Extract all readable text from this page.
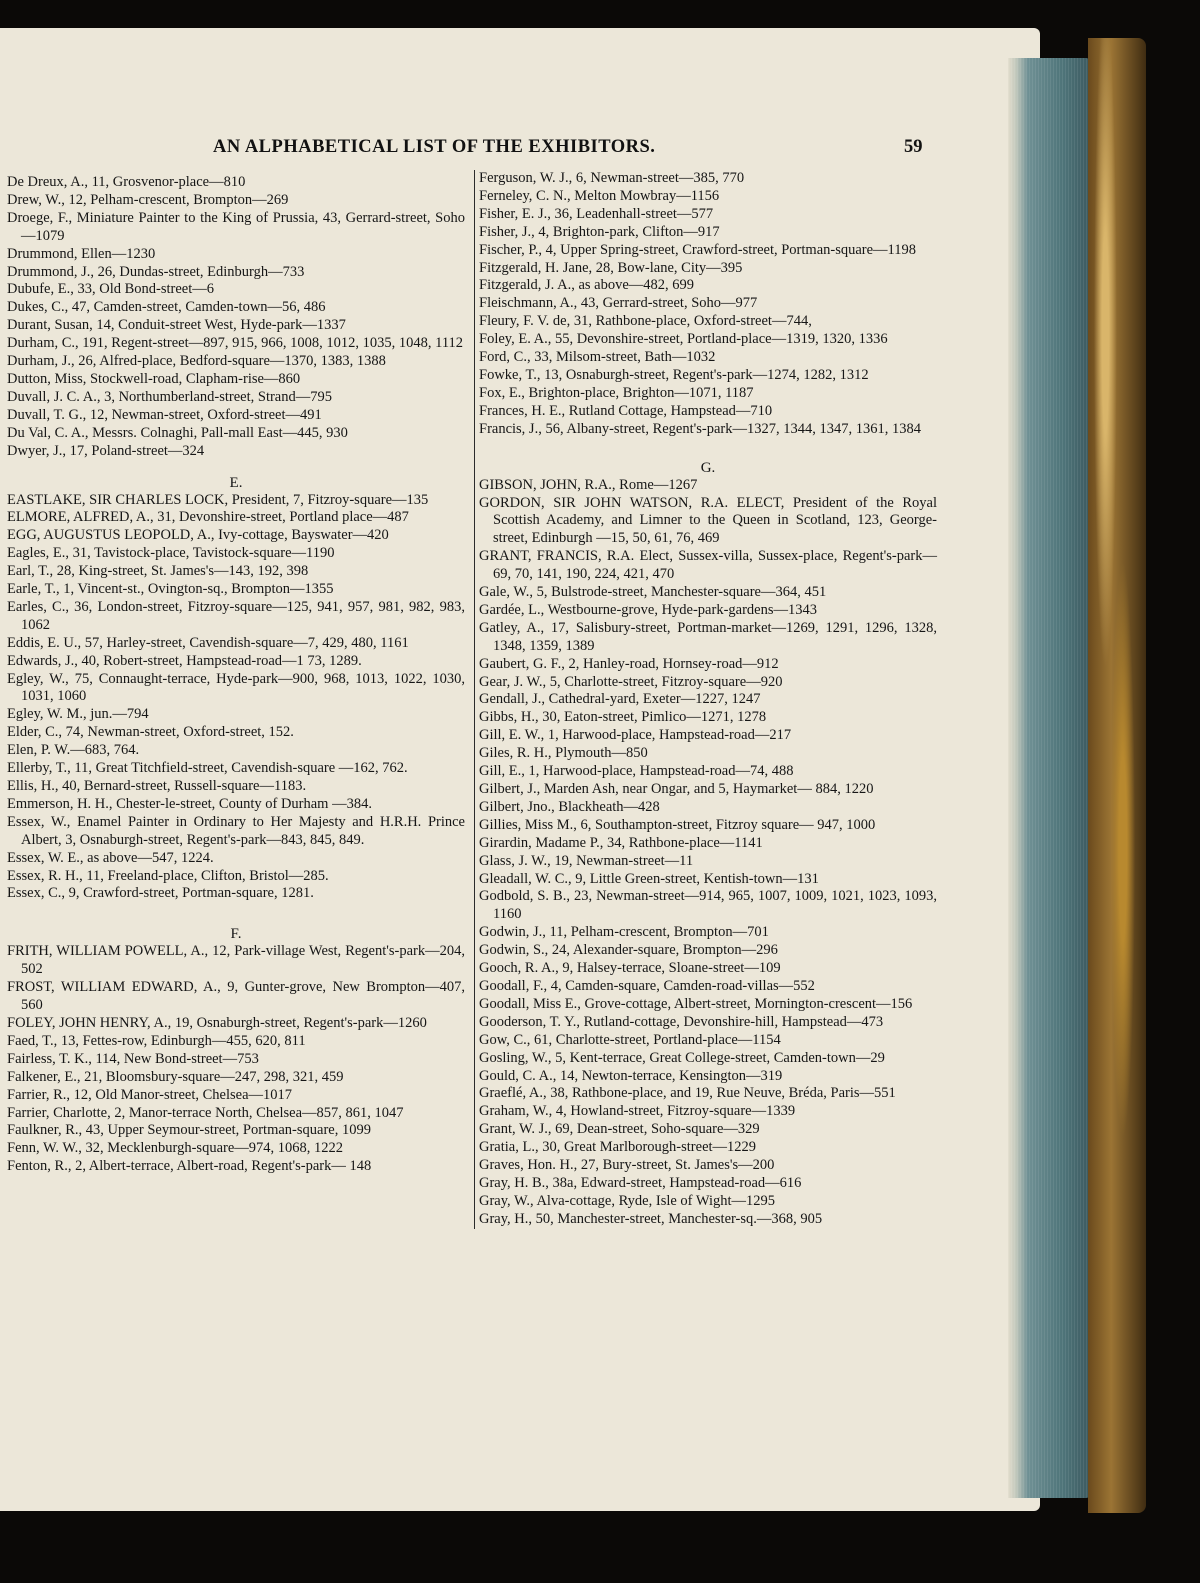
AN ALPHABETICAL LIST OF THE EXHIBITORS.	59
De Dreux, A., 11, Grosvenor-place—810
Drew, W., 12, Pelham-crescent, Brompton—269
Droege, F., Miniature Painter to the King of Prussia, 43, Gerrard-street, Soho—1079
Drummond, Ellen—1230
Drummond, J., 26, Dundas-street, Edinburgh—733
Dubufe, E., 33, Old Bond-street—6
Dukes, C., 47, Camden-street, Camden-town—56, 486
Durant, Susan, 14, Conduit-street West, Hyde-park—1337
Durham, C., 191, Regent-street—897, 915, 966, 1008, 1012, 1035, 1048, 1112
Durham, J., 26, Alfred-place, Bedford-square—1370, 1383, 1388
Dutton, Miss, Stockwell-road, Clapham-rise—860
Duvall, J. C. A., 3, Northumberland-street, Strand—795
Duvall, T. G., 12, Newman-street, Oxford-street—491
Du Val, C. A., Messrs. Colnaghi, Pall-mall East—445, 930
Dwyer, J., 17, Poland-street—324
E.
EASTLAKE, SIR CHARLES LOCK, President, 7, Fitzroy-square—135
ELMORE, ALFRED, A., 31, Devonshire-street, Portland place—487
EGG, AUGUSTUS LEOPOLD, A., Ivy-cottage, Bayswater—420
Eagles, E., 31, Tavistock-place, Tavistock-square—1190
Earl, T., 28, King-street, St. James's—143, 192, 398
Earle, T., 1, Vincent-st., Ovington-sq., Brompton—1355
Earles, C., 36, London-street, Fitzroy-square—125, 941, 957, 981, 982, 983, 1062
Eddis, E. U., 57, Harley-street, Cavendish-square—7, 429, 480, 1161
Edwards, J., 40, Robert-street, Hampstead-road—1 73, 1289.
Egley, W., 75, Connaught-terrace, Hyde-park—900, 968, 1013, 1022, 1030, 1031, 1060
Egley, W. M., jun.—794
Elder, C., 74, Newman-street, Oxford-street, 152.
Elen, P. W.—683, 764.
Ellerby, T., 11, Great Titchfield-street, Cavendish-square —162, 762.
Ellis, H., 40, Bernard-street, Russell-square—1183.
Emmerson, H. H., Chester-le-street, County of Durham —384.
Essex, W., Enamel Painter in Ordinary to Her Majesty and H.R.H. Prince Albert, 3, Osnaburgh-street, Regent's-park—843, 845, 849.
Essex, W. E., as above—547, 1224.
Essex, R. H., 11, Freeland-place, Clifton, Bristol—285.
Essex, C., 9, Crawford-street, Portman-square, 1281.
F.
FRITH, WILLIAM POWELL, A., 12, Park-village West, Regent's-park—204, 502
FROST, WILLIAM EDWARD, A., 9, Gunter-grove, New Brompton—407, 560
FOLEY, JOHN HENRY, A., 19, Osnaburgh-street, Regent's-park—1260
Faed, T., 13, Fettes-row, Edinburgh—455, 620, 811
Fairless, T. K., 114, New Bond-street—753
Falkener, E., 21, Bloomsbury-square—247, 298, 321, 459
Farrier, R., 12, Old Manor-street, Chelsea—1017
Farrier, Charlotte, 2, Manor-terrace North, Chelsea—857, 861, 1047
Faulkner, R., 43, Upper Seymour-street, Portman-square, 1099
Fenn, W. W., 32, Mecklenburgh-square—974, 1068, 1222
Fenton, R., 2, Albert-terrace, Albert-road, Regent's-park— 148
Ferguson, W. J., 6, Newman-street—385, 770
Ferneley, C. N., Melton Mowbray—1156
Fisher, E. J., 36, Leadenhall-street—577
Fisher, J., 4, Brighton-park, Clifton—917
Fischer, P., 4, Upper Spring-street, Crawford-street, Portman-square—1198
Fitzgerald, H. Jane, 28, Bow-lane, City—395
Fitzgerald, J. A., as above—482, 699
Fleischmann, A., 43, Gerrard-street, Soho—977
Fleury, F. V. de, 31, Rathbone-place, Oxford-street—744,
Foley, E. A., 55, Devonshire-street, Portland-place—1319, 1320, 1336
Ford, C., 33, Milsom-street, Bath—1032
Fowke, T., 13, Osnaburgh-street, Regent's-park—1274, 1282, 1312
Fox, E., Brighton-place, Brighton—1071, 1187
Frances, H. E., Rutland Cottage, Hampstead—710
Francis, J., 56, Albany-street, Regent's-park—1327, 1344, 1347, 1361, 1384
G.
GIBSON, JOHN, R.A., Rome—1267
GORDON, SIR JOHN WATSON, R.A. ELECT, President of the Royal Scottish Academy, and Limner to the Queen in Scotland, 123, George-street, Edinburgh —15, 50, 61, 76, 469
GRANT, FRANCIS, R.A. Elect, Sussex-villa, Sussex-place, Regent's-park—69, 70, 141, 190, 224, 421, 470
Gale, W., 5, Bulstrode-street, Manchester-square—364, 451
Gardée, L., Westbourne-grove, Hyde-park-gardens—1343
Gatley, A., 17, Salisbury-street, Portman-market—1269, 1291, 1296, 1328, 1348, 1359, 1389
Gaubert, G. F., 2, Hanley-road, Hornsey-road—912
Gear, J. W., 5, Charlotte-street, Fitzroy-square—920
Gendall, J., Cathedral-yard, Exeter—1227, 1247
Gibbs, H., 30, Eaton-street, Pimlico—1271, 1278
Gill, E. W., 1, Harwood-place, Hampstead-road—217
Giles, R. H., Plymouth—850
Gill, E., 1, Harwood-place, Hampstead-road—74, 488
Gilbert, J., Marden Ash, near Ongar, and 5, Haymarket— 884, 1220
Gilbert, Jno., Blackheath—428
Gillies, Miss M., 6, Southampton-street, Fitzroy square— 947, 1000
Girardin, Madame P., 34, Rathbone-place—1141
Glass, J. W., 19, Newman-street—11
Gleadall, W. C., 9, Little Green-street, Kentish-town—131
Godbold, S. B., 23, Newman-street—914, 965, 1007, 1009, 1021, 1023, 1093, 1160
Godwin, J., 11, Pelham-crescent, Brompton—701
Godwin, S., 24, Alexander-square, Brompton—296
Gooch, R. A., 9, Halsey-terrace, Sloane-street—109
Goodall, F., 4, Camden-square, Camden-road-villas—552
Goodall, Miss E., Grove-cottage, Albert-street, Mornington-crescent—156
Gooderson, T. Y., Rutland-cottage, Devonshire-hill, Hampstead—473
Gow, C., 61, Charlotte-street, Portland-place—1154
Gosling, W., 5, Kent-terrace, Great College-street, Camden-town—29
Gould, C. A., 14, Newton-terrace, Kensington—319
Graeflé, A., 38, Rathbone-place, and 19, Rue Neuve, Bréda, Paris—551
Graham, W., 4, Howland-street, Fitzroy-square—1339
Grant, W. J., 69, Dean-street, Soho-square—329
Gratia, L., 30, Great Marlborough-street—1229
Graves, Hon. H., 27, Bury-street, St. James's—200
Gray, H. B., 38a, Edward-street, Hampstead-road—616
Gray, W., Alva-cottage, Ryde, Isle of Wight—1295
Gray, H., 50, Manchester-street, Manchester-sq.—368, 905
